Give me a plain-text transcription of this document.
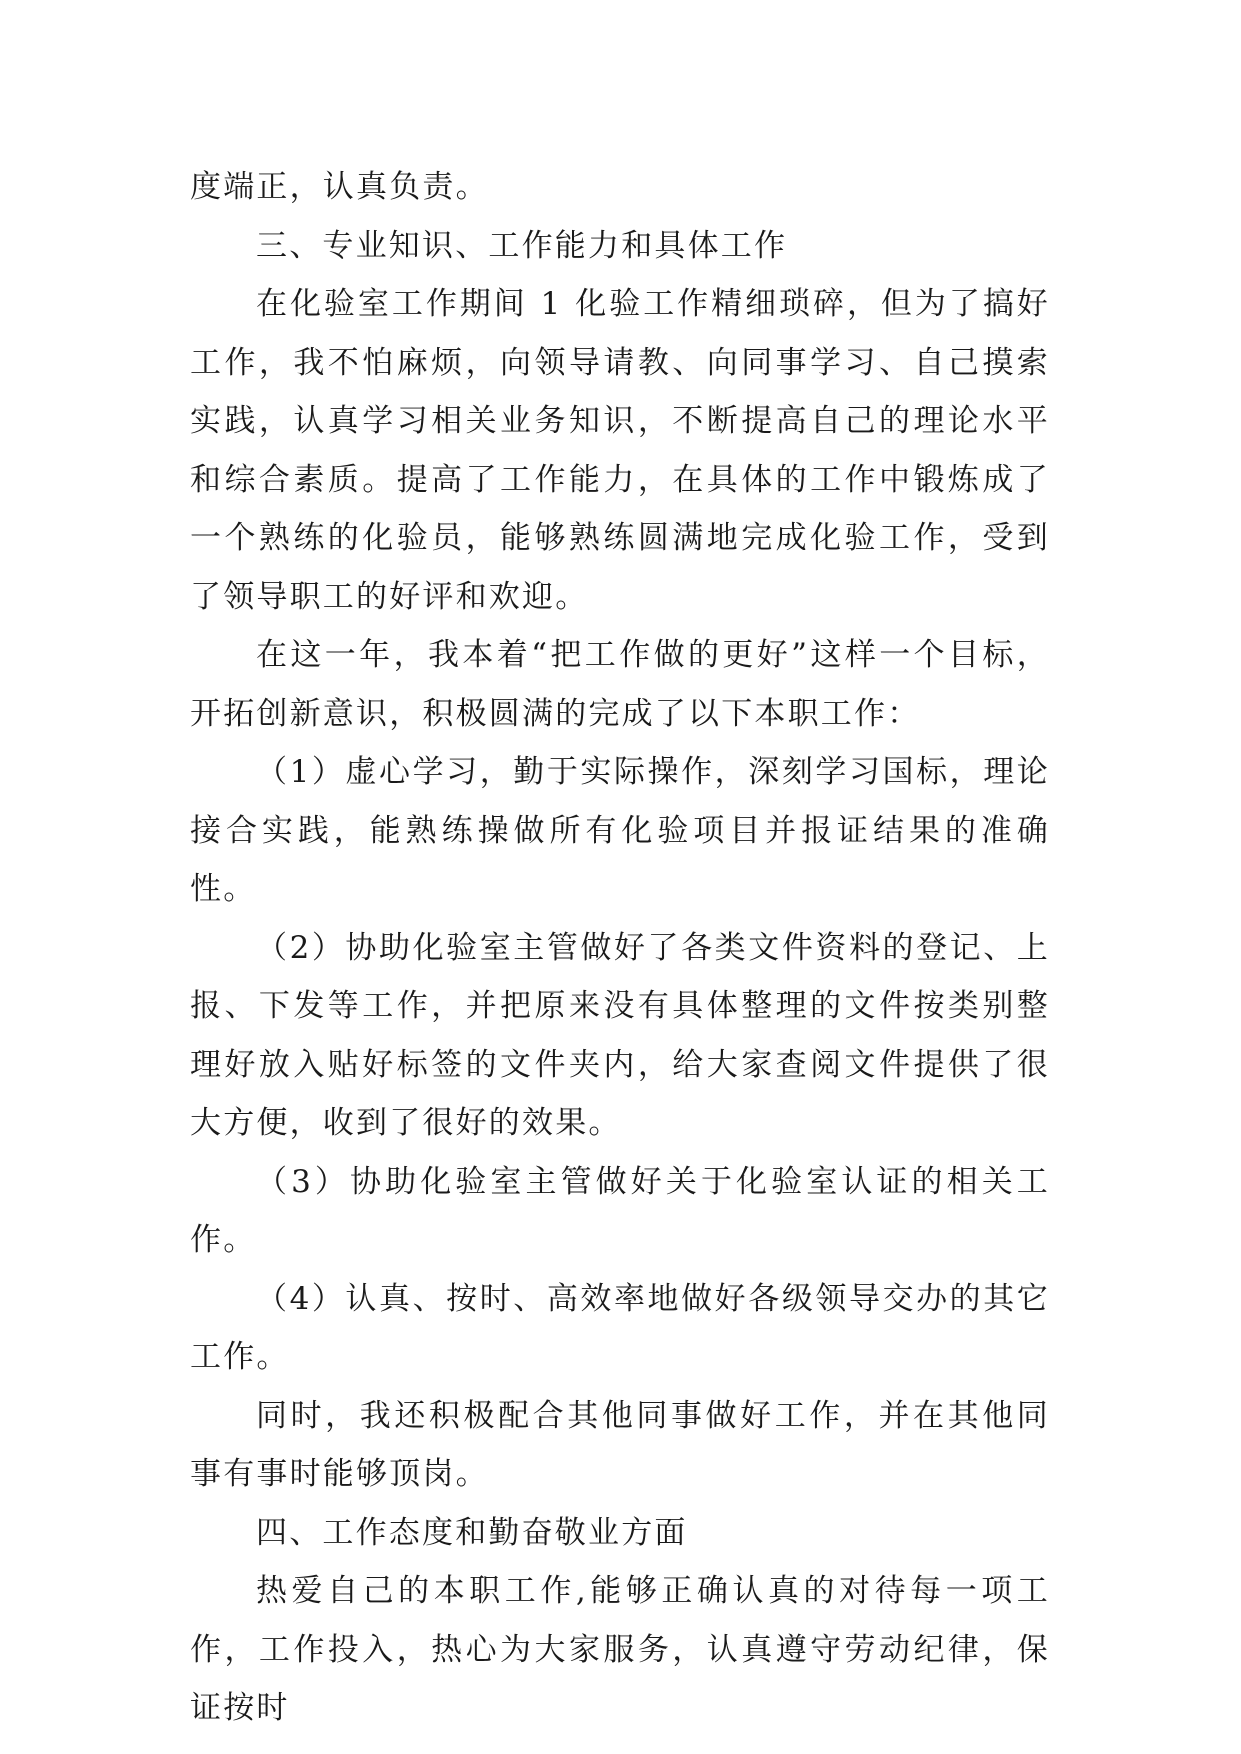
度端正，认真负责。

三、专业知识、工作能力和具体工作

在化验室工作期间 1 化验工作精细琐碎，但为了搞好工作，我不怕麻烦，向领导请教、向同事学习、自己摸索实践，认真学习相关业务知识，不断提高自己的理论水平和综合素质。提高了工作能力，在具体的工作中锻炼成了一个熟练的化验员，能够熟练圆满地完成化验工作，受到了领导职工的好评和欢迎。

在这一年，我本着“把工作做的更好”这样一个目标，开拓创新意识，积极圆满的完成了以下本职工作：

（1）虚心学习，勤于实际操作，深刻学习国标，理论接合实践，能熟练操做所有化验项目并报证结果的准确性。

（2）协助化验室主管做好了各类文件资料的登记、上报、下发等工作，并把原来没有具体整理的文件按类别整理好放入贴好标签的文件夹内，给大家查阅文件提供了很大方便，收到了很好的效果。

（3）协助化验室主管做好关于化验室认证的相关工作。

（4）认真、按时、高效率地做好各级领导交办的其它工作。

同时，我还积极配合其他同事做好工作，并在其他同事有事时能够顶岗。

四、工作态度和勤奋敬业方面

热爱自己的本职工作,能够正确认真的对待每一项工作，工作投入，热心为大家服务，认真遵守劳动纪律，保证按时
